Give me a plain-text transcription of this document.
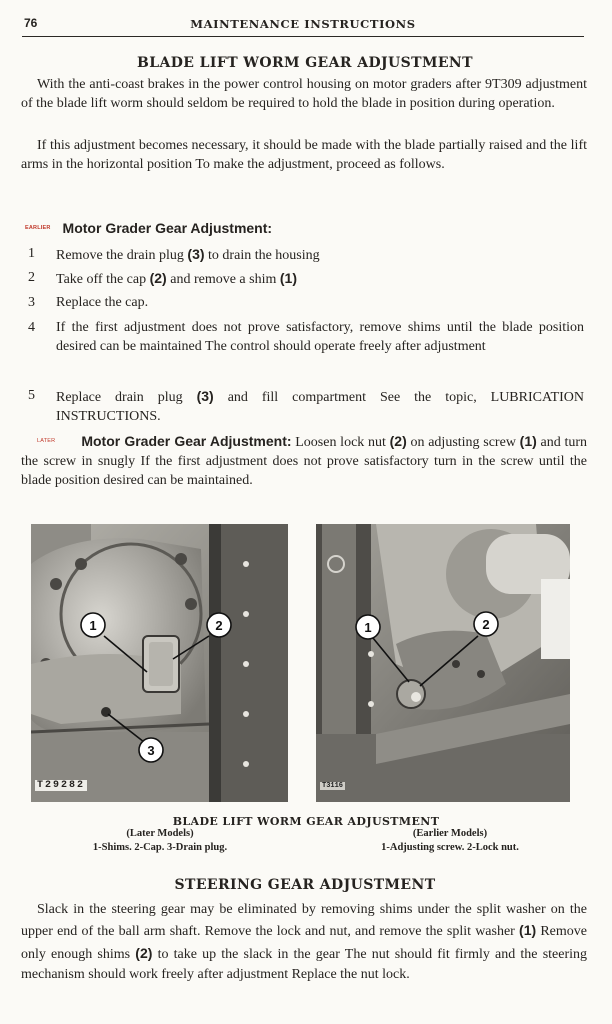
76	MAINTENANCE INSTRUCTIONS
BLADE LIFT WORM GEAR ADJUSTMENT
With the anti-coast brakes in the power control housing on motor graders after 9T309 adjustment of the blade lift worm should seldom be required to hold the blade in position during operation.
If this adjustment becomes necessary, it should be made with the blade partially raised and the lift arms in the horizontal position To make the adjustment, proceed as follows.
$^{EARLIER}$ Motor Grader Gear Adjustment:
1	Remove the drain plug (3) to drain the housing
2	Take off the cap (2) and remove a shim (1)
3	Replace the cap.
4	If the first adjustment does not prove satisfactory, remove shims until the blade position desired can be maintained The control should operate freely after adjustment
5	Replace drain plug (3) and fill compartment See the topic, LUBRICATION INSTRUCTIONS.
$^{LATER}$ Motor Grader Gear Adjustment: Loosen lock nut (2) on adjusting screw (1) and turn the screw in snugly If the first adjustment does not prove satisfactory turn in the screw until the blade position desired can be maintained.
1	2
3
T29282
1	2
T3116
BLADE LIFT WORM GEAR ADJUSTMENT
(Later Models)
1-Shims. 2-Cap. 3-Drain plug.
(Earlier Models)
1-Adjusting screw. 2-Lock nut.
STEERING GEAR ADJUSTMENT
Slack in the steering gear may be eliminated by removing shims under the split washer on the upper end of the ball arm shaft. Remove the lock and nut, and remove the split washer (1) Remove only enough shims (2) to take up the slack in the gear The nut should fit firmly and the steering mechanism should work freely after adjustment Replace the nut lock.
